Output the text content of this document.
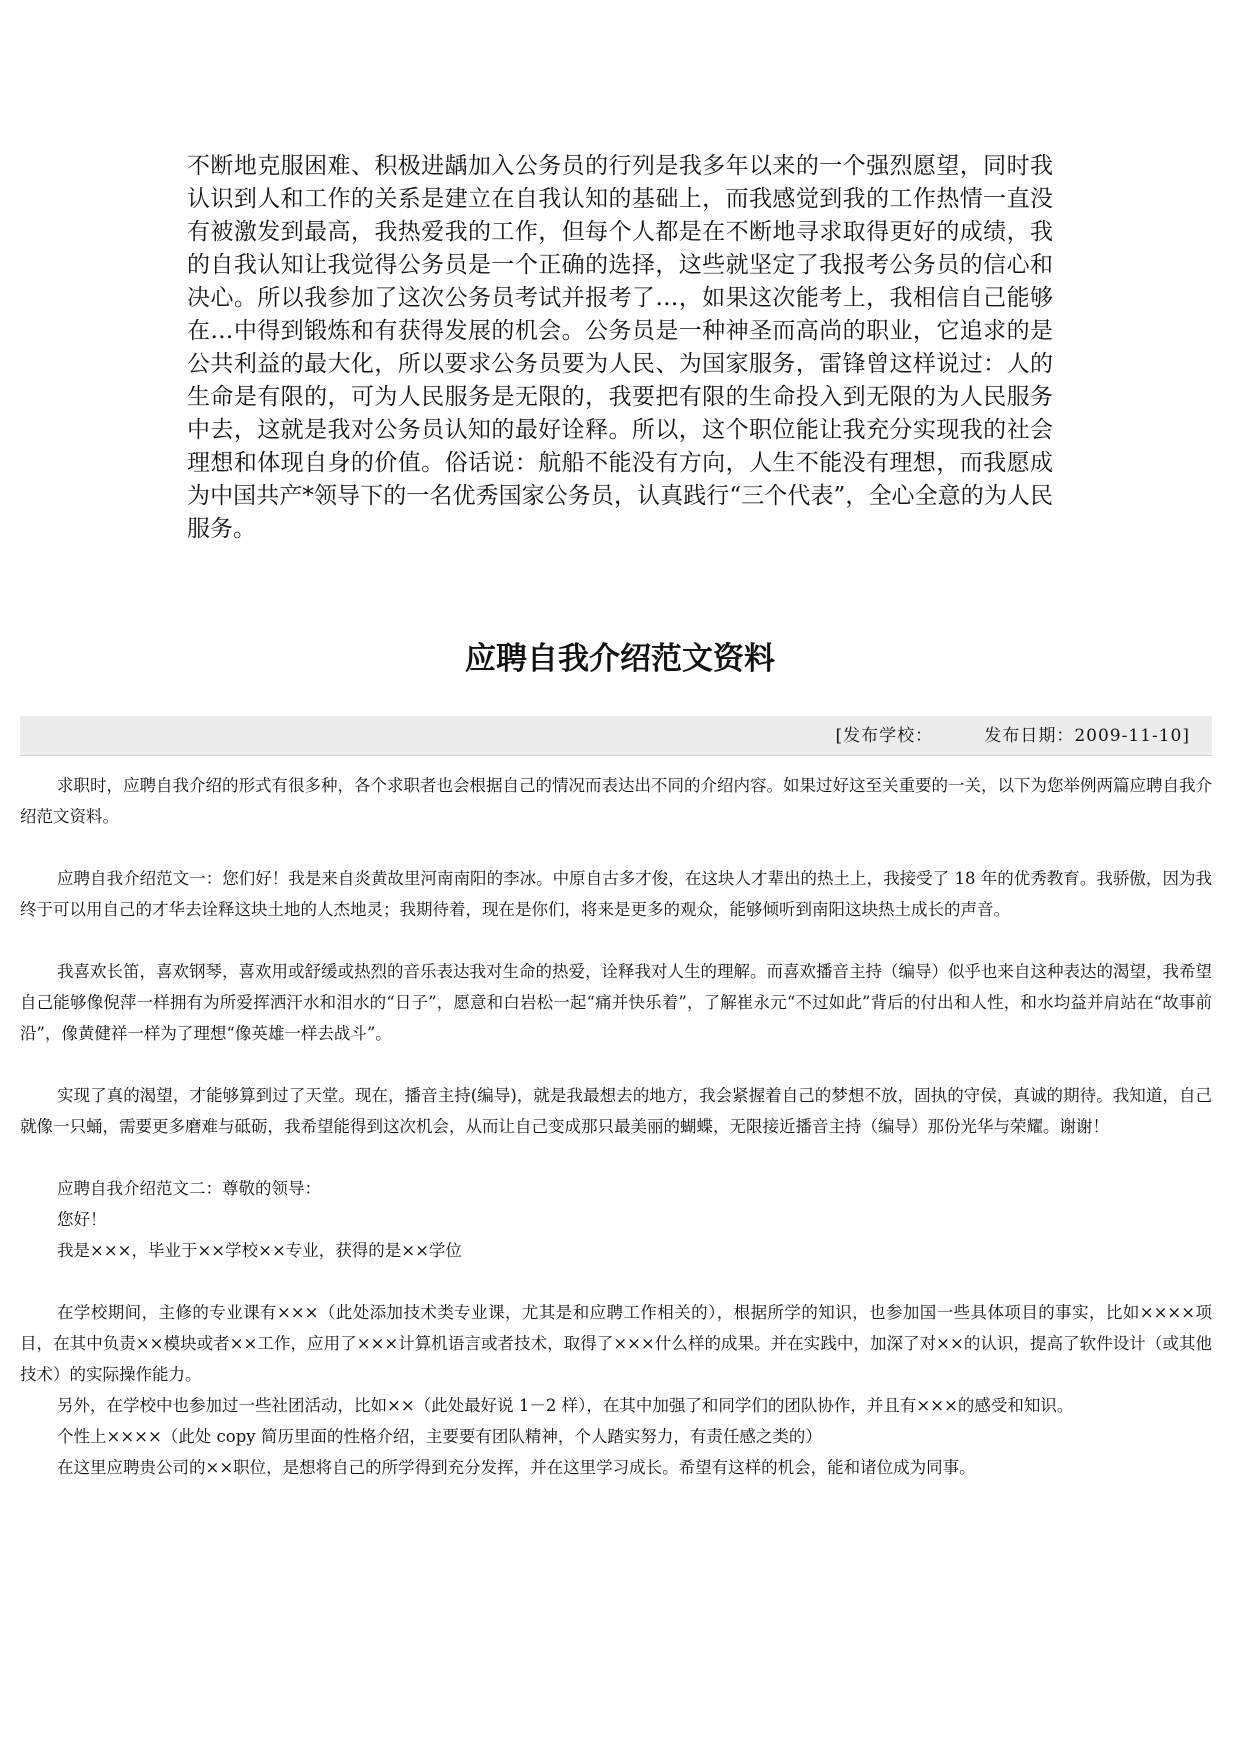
不断地克服困难、积极进龋加入公务员的行列是我多年以来的一个强烈愿望，同时我认识到人和工作的关系是建立在自我认知的基础上，而我感觉到我的工作热情一直没有被激发到最高，我热爱我的工作，但每个人都是在不断地寻求取得更好的成绩，我的自我认知让我觉得公务员是一个正确的选择，这些就坚定了我报考公务员的信心和决心。所以我参加了这次公务员考试并报考了…，如果这次能考上，我相信自己能够在…中得到锻炼和有获得发展的机会。公务员是一种神圣而高尚的职业，它追求的是公共利益的最大化，所以要求公务员要为人民、为国家服务，雷锋曾这样说过：人的生命是有限的，可为人民服务是无限的，我要把有限的生命投入到无限的为人民服务中去，这就是我对公务员认知的最好诠释。所以，这个职位能让我充分实现我的社会理想和体现自身的价值。俗话说：航船不能没有方向，人生不能没有理想，而我愿成为中国共产*领导下的一名优秀国家公务员，认真践行“三个代表”，全心全意的为人民服务。

应聘自我介绍范文资料
[发布学校：	发布日期：2009-11-10]

求职时，应聘自我介绍的形式有很多种，各个求职者也会根据自己的情况而表达出不同的介绍内容。如果过好这至关重要的一关，以下为您举例两篇应聘自我介绍范文资料。

应聘自我介绍范文一：您们好！我是来自炎黄故里河南南阳的李冰。中原自古多才俊，在这块人才辈出的热土上，我接受了 18 年的优秀教育。我骄傲，因为我终于可以用自己的才华去诠释这块土地的人杰地灵；我期待着，现在是你们，将来是更多的观众，能够倾听到南阳这块热土成长的声音。

我喜欢长笛，喜欢钢琴，喜欢用或舒缓或热烈的音乐表达我对生命的热爱，诠释我对人生的理解。而喜欢播音主持（编导）似乎也来自这种表达的渴望，我希望自己能够像倪萍一样拥有为所爱挥洒汗水和泪水的“日子”，愿意和白岩松一起“痛并快乐着”，了解崔永元“不过如此”背后的付出和人性，和水均益并肩站在“故事前沿”，像黄健祥一样为了理想“像英雄一样去战斗”。

实现了真的渴望，才能够算到过了天堂。现在，播音主持(编导)，就是我最想去的地方，我会紧握着自己的梦想不放，固执的守侯，真诚的期待。我知道，自己就像一只蛹，需要更多磨难与砥砺，我希望能得到这次机会，从而让自己变成那只最美丽的蝴蝶，无限接近播音主持（编导）那份光华与荣耀。谢谢！

应聘自我介绍范文二：尊敬的领导：

您好！

我是×××，毕业于××学校××专业，获得的是××学位

在学校期间，主修的专业课有×××（此处添加技术类专业课，尤其是和应聘工作相关的），根据所学的知识，也参加国一些具体项目的事实，比如××××项目，在其中负责××模块或者××工作，应用了×××计算机语言或者技术，取得了×××什么样的成果。并在实践中，加深了对××的认识，提高了软件设计（或其他技术）的实际操作能力。

另外，在学校中也参加过一些社团活动，比如××（此处最好说 1－2 样），在其中加强了和同学们的团队协作，并且有×××的感受和知识。

个性上××××（此处 copy 简历里面的性格介绍，主要要有团队精神，个人踏实努力，有责任感之类的）

在这里应聘贵公司的××职位，是想将自己的所学得到充分发挥，并在这里学习成长。希望有这样的机会，能和诸位成为同事。
